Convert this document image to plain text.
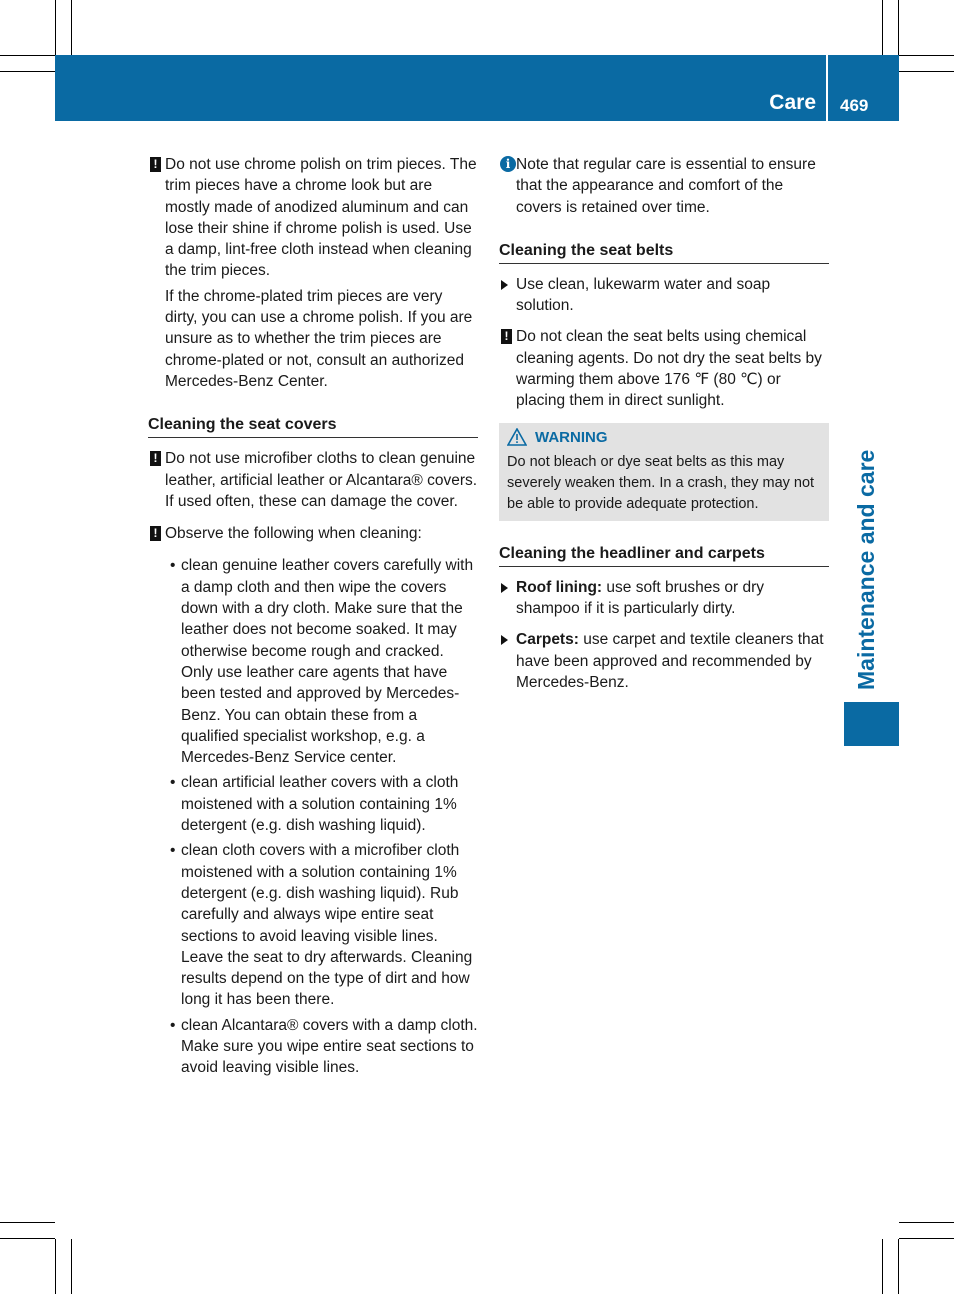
Care 469
Maintenance and care
! Do not use chrome polish on trim pieces. The trim pieces have a chrome look but are mostly made of anodized aluminum and can lose their shine if chrome polish is used. Use a damp, lint-free cloth instead when cleaning the trim pieces.
If the chrome-plated trim pieces are very dirty, you can use a chrome polish. If you are unsure as to whether the trim pieces are chrome-plated or not, consult an authorized Mercedes-Benz Center.
Cleaning the seat covers
! Do not use microfiber cloths to clean genuine leather, artificial leather or Alcantara® covers. If used often, these can damage the cover.
! Observe the following when cleaning:
• clean genuine leather covers carefully with a damp cloth and then wipe the covers down with a dry cloth. Make sure that the leather does not become soaked. It may otherwise become rough and cracked. Only use leather care agents that have been tested and approved by Mercedes-Benz. You can obtain these from a qualified specialist workshop, e.g. a Mercedes-Benz Service center.
• clean artificial leather covers with a cloth moistened with a solution containing 1% detergent (e.g. dish washing liquid).
• clean cloth covers with a microfiber cloth moistened with a solution containing 1% detergent (e.g. dish washing liquid). Rub carefully and always wipe entire seat sections to avoid leaving visible lines. Leave the seat to dry afterwards. Cleaning results depend on the type of dirt and how long it has been there.
• clean Alcantara® covers with a damp cloth. Make sure you wipe entire seat sections to avoid leaving visible lines.
i Note that regular care is essential to ensure that the appearance and comfort of the covers is retained over time.
Cleaning the seat belts
Use clean, lukewarm water and soap solution.
! Do not clean the seat belts using chemical cleaning agents. Do not dry the seat belts by warming them above 176 ℉ (80 ℃) or placing them in direct sunlight.
WARNING
Do not bleach or dye seat belts as this may severely weaken them. In a crash, they may not be able to provide adequate protection.
Cleaning the headliner and carpets
Roof lining: use soft brushes or dry shampoo if it is particularly dirty.
Carpets: use carpet and textile cleaners that have been approved and recommended by Mercedes-Benz.
